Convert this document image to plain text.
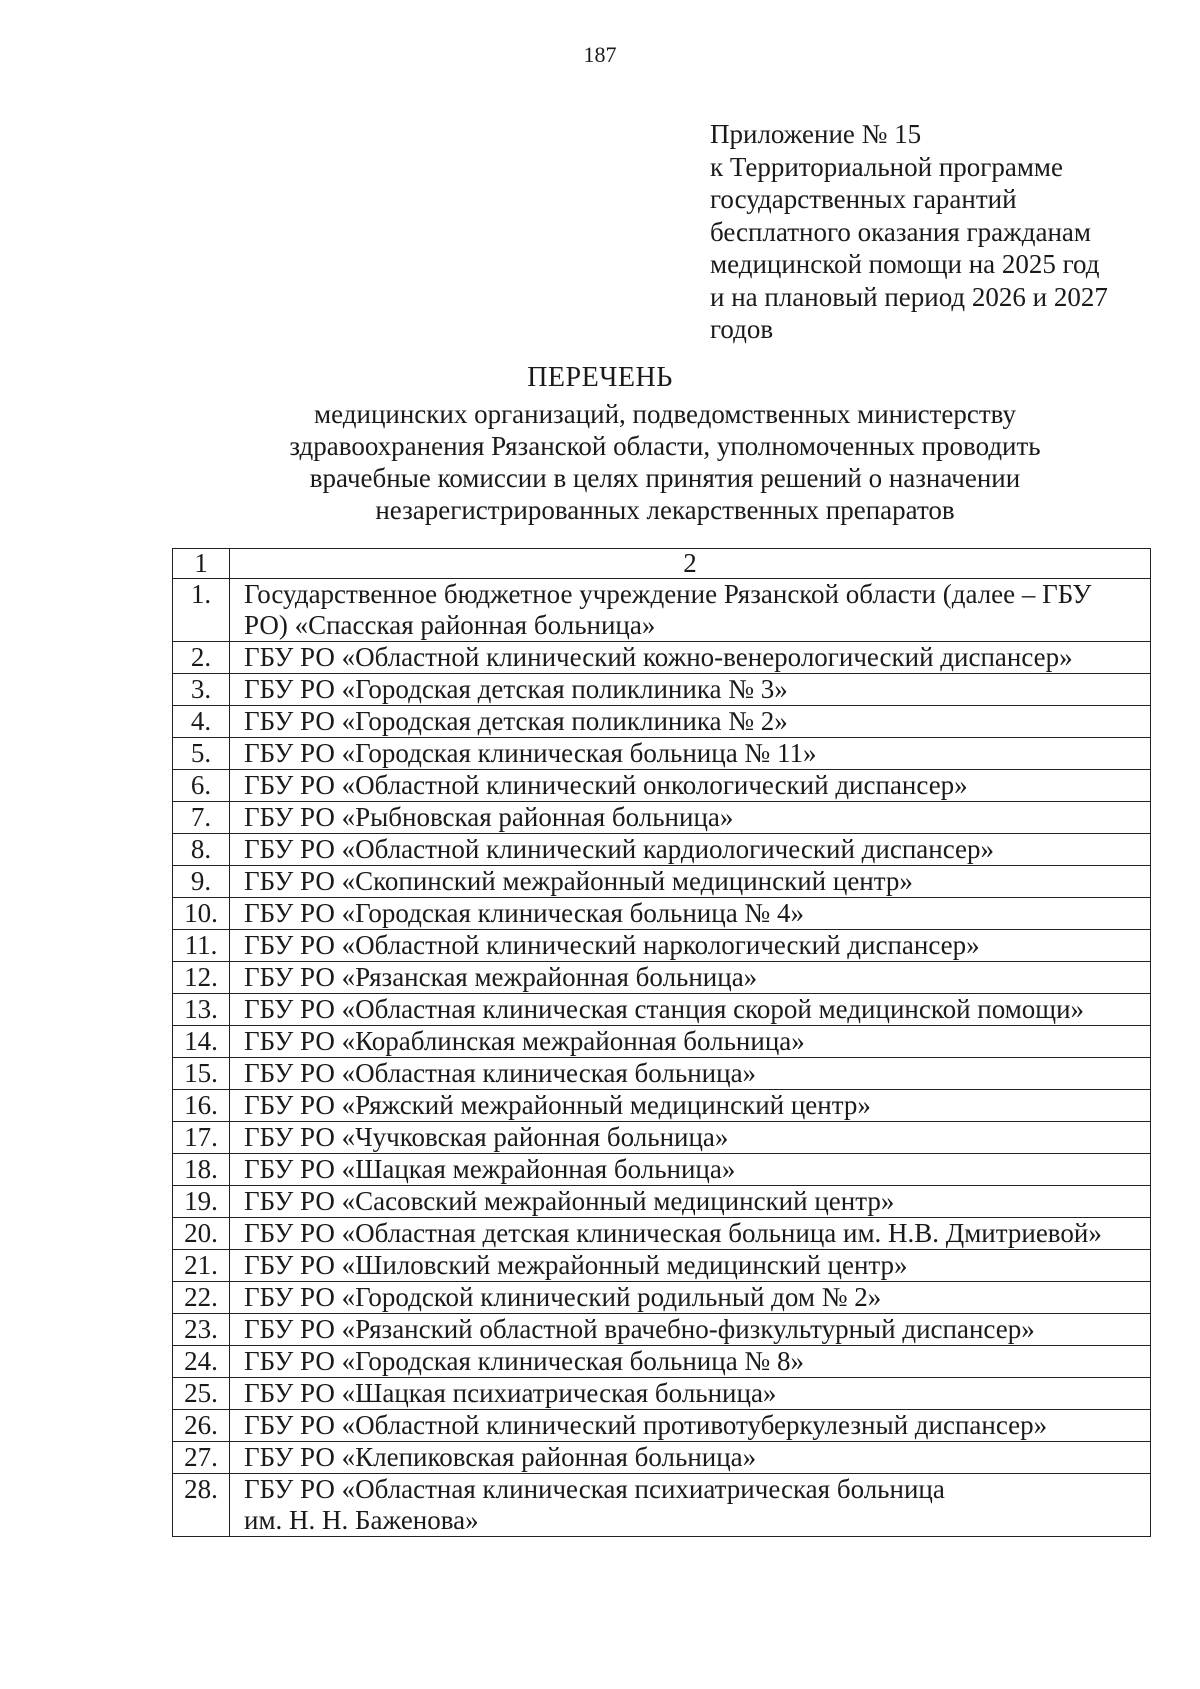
187
Приложение № 15
к Территориальной программе
государственных гарантий
бесплатного оказания гражданам
медицинской помощи на 2025 год
и на плановый период 2026 и 2027
годов
ПЕРЕЧЕНЬ
медицинских организаций, подведомственных министерству
здравоохранения Рязанской области, уполномоченных проводить
врачебные комиссии в целях принятия решений о назначении
незарегистрированных лекарственных препаратов
1	2
1.	Государственное бюджетное учреждение Рязанской области (далее – ГБУ
РО) «Спасская районная больница»

2.	ГБУ РО «Областной клинический кожно-венерологический диспансер»

3.	ГБУ РО «Городская детская поликлиника № 3»

4.	ГБУ РО «Городская детская поликлиника № 2»

5.	ГБУ РО «Городская клиническая больница № 11»

6.	ГБУ РО «Областной клинический онкологический диспансер»

7.	ГБУ РО «Рыбновская районная больница»

8.	ГБУ РО «Областной клинический кардиологический диспансер»

9.	ГБУ РО «Скопинский межрайонный медицинский центр»

10.	ГБУ РО «Городская клиническая больница № 4»

11.	ГБУ РО «Областной клинический наркологический диспансер»

12.	ГБУ РО «Рязанская межрайонная больница»

13.	ГБУ РО «Областная клиническая станция скорой медицинской помощи»

14.	ГБУ РО «Кораблинская межрайонная больница»

15.	ГБУ РО «Областная клиническая больница»

16.	ГБУ РО «Ряжский межрайонный медицинский центр»

17.	ГБУ РО «Чучковская районная больница»

18.	ГБУ РО «Шацкая межрайонная больница»

19.	ГБУ РО «Сасовский межрайонный медицинский центр»

20.	ГБУ РО «Областная детская клиническая больница им. Н.В. Дмитриевой»

21.	ГБУ РО «Шиловский межрайонный медицинский центр»

22.	ГБУ РО «Городской клинический родильный дом № 2»

23.	ГБУ РО «Рязанский областной врачебно-физкультурный диспансер»

24.	ГБУ РО «Городская клиническая больница № 8»

25.	ГБУ РО «Шацкая психиатрическая больница»

26.	ГБУ РО «Областной клинический противотуберкулезный диспансер»

27.	ГБУ РО «Клепиковская районная больница»

28.	ГБУ РО «Областная клиническая психиатрическая больница
им. Н. Н. Баженова»
